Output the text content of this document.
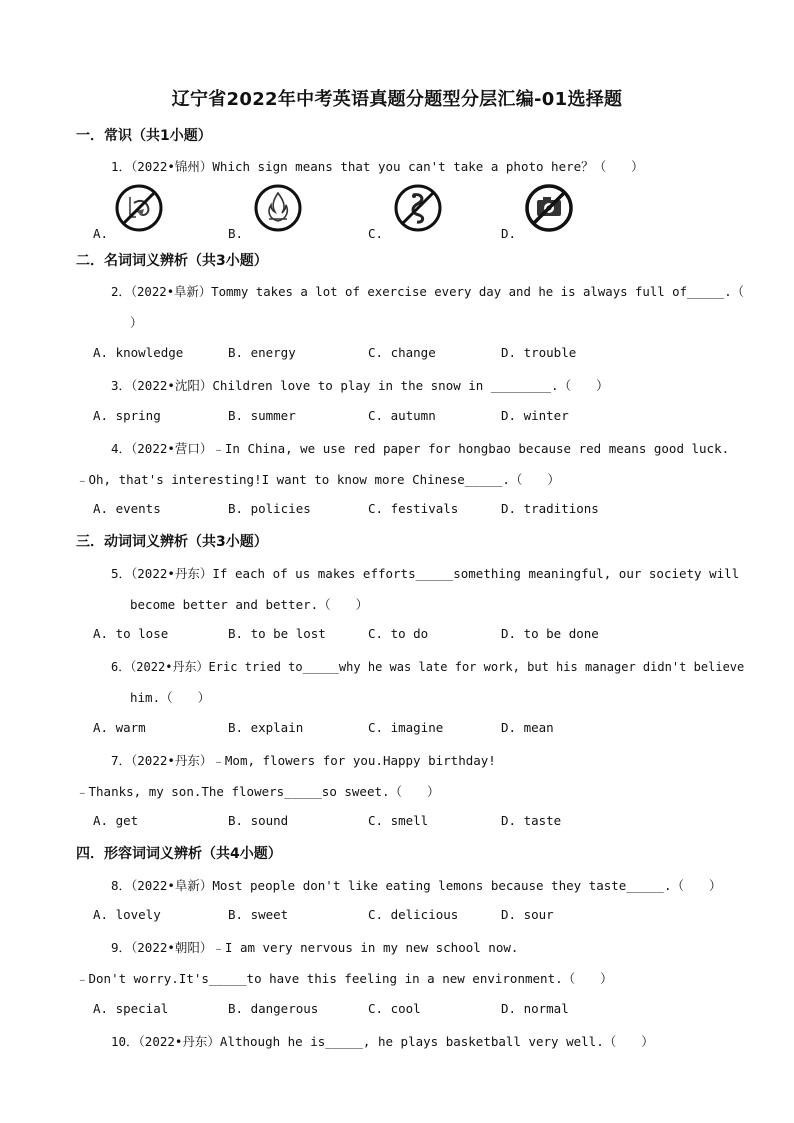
辽宁省2022年中考英语真题分题型分层汇编-01选择题
一．常识（共1小题）
1．（2022•锦州）Which sign means that you can't take a photo here？（　　）
A.	B.	C.	D.
二．名词词义辨析（共3小题）
2．（2022•阜新）Tommy takes a lot of exercise every day and he is always full of_____.（
）
A. knowledge	B. energy	C. change	D. trouble
3．（2022•沈阳）Children love to play in the snow in ________.（　　）
A. spring	B. summer	C. autumn	D. winter
4．（2022•营口）﹣In China, we use red paper for hongbao because red means good luck.
﹣Oh, that's interesting!I want to know more Chinese_____.（　　）
A. events	B. policies	C. festivals	D. traditions
三．动词词义辨析（共3小题）
5．（2022•丹东）If each of us makes efforts_____something meaningful, our society will
become better and better.（　　）
A. to lose	B. to be lost	C. to do	D. to be done
6．（2022•丹东）Eric tried to_____why he was late for work, but his manager didn't believe
him.（　　）
A. warm	B. explain	C. imagine	D. mean
7．（2022•丹东）﹣Mom, flowers for you.Happy birthday!
﹣Thanks, my son.The flowers_____so sweet.（　　）
A. get	B. sound	C. smell	D. taste
四．形容词词义辨析（共4小题）
8．（2022•阜新）Most people don't like eating lemons because they taste_____.（　　）
A. lovely	B. sweet	C. delicious	D. sour
9．（2022•朝阳）﹣I am very nervous in my new school now.
﹣Don't worry.It's_____to have this feeling in a new environment.（　　）
A. special	B. dangerous	C. cool	D. normal
10．（2022•丹东）Although he is_____, he plays basketball very well.（　　）
